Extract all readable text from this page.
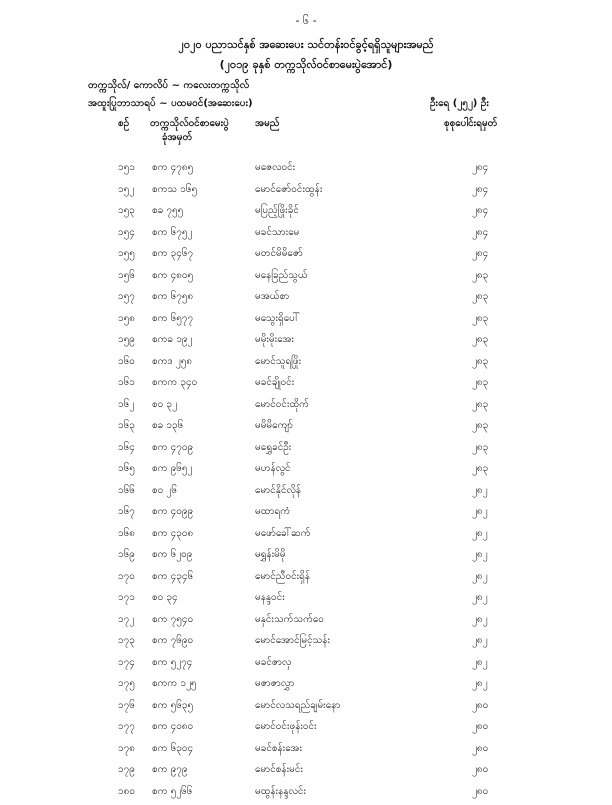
- ၆ -
၂၀၂၀ ပညာသင်နှစ် အဆေးပေး သင်တန်းဝင်ခွင့်ရရှိသူများအမည်
(၂၀၁၉ ခုနှစ် တက္ကသိုလ်ဝင်စာမေးပွဲအောင်)
တက္ကသိုလ်/ ကောလိပ် ~ ကလေးတက္ကသိုလ်
အထူးပြုဘာသာရပ် ~ ပထမဝင်(အဆေးပေး)	ဦးရေ (၂၅၂) ဦး
စဉ် တက္ကသိုလ်ဝင်စာမေးပွဲ
ခုံအမှတ်
အမည်	စုစုပေါင်းရမှတ်
၁၅၁ စက ၄၇၈၅	မဇေလဝင်း	၂၈၄
၁၅၂ စကသ ၁၆၅	မောင်ဇော်ဝင်းထွန်း	၂၈၄
၁၅၃ စခ ၇၅၅	မပြည့်ဖြိုးခိုင်	၂၈၄
၁၅၄ စက ၆၇၅၂	မခင်သားမေ	၂၈၄
၁၅၅ စက ၃၄၆၇	မတင်မိမိဇော်	၂၈၄
၁၅၆ စက ၄၈၀၅	မနေခြည်သွယ်	၂၈၃
၁၅၇ စက ၆၇၅၈	မအယ်စာ	၂၈၃
၁၅၈ စက ၆၅၇၇	မသွေးရှိပေါ်	၂၈၃
၁၅၉ စကခ ၁၉၂	မမိုးမိုးအေး	၂၈၃
၁၆၀ စကဒ ၂၅၈	မောင်သူရဖြိုး	၂၈၃
၁၆၁ စကက ၃၄၀	မခင်ချိုဝင်း	၂၈၃
၁၆၂ စဝ ၃၂	မောင်ဝင်းထိုက်	၂၈၃
၁၆၃ စခ ၁၃၆	မမိမိကျော်	၂၈၃
၁၆၄ စက ၄၇၀၉	မရွှေခင်ဦး	၂၈၃
၁၆၅ စက ၉၆၅၂	မဟန်လွင်	၂၈၃
၁၆၆ စဝ ၂၆	မောင်နိုင်လိုန်	၂၈၂
၁၆၇ စက ၄၀၉၉	မထာရကံ	၂၈၂
၁၆၈ စက ၄၃၀၈	မဖော်ခေါ်ဆက်	၂၈၂
၁၆၉ စက ၆၂၀၉	မရွှန်းမိမို	၂၈၂
၁၇၀ စက ၄၃၄၆	မောင်ညီဝင်းရှိန်	၂၈၂
၁၇၁ စဝ ၃၄	မနန္ဒဝင်း	၂၈၂
၁၇၂ စက ၇၅၄၀	မနှင်းသက်သက်ဝေ	၂၈၂
၁၇၃ စက ၇၆၉၀	မောင်အောင်မြင့်သန်း	၂၈၂
၁၇၄ စက ၅၂၇၄	မခင်ဇာလှ	၂၈၂
၁၇၅ စကက ၁၂၅	မဇာဇာလွှာ	၂၈၂
၁၇၆ စက ၅၆၃၅	မောင်လသရည်ချမ်းနော	၂၈၀
၁၇၇ စက ၄၀၈၀	မောင်ဝင်းဖုန်းဝင်း	၂၈၀
၁၇၈ စက ၆၃၀၄	မခင်စန်းအေး	၂၈၀
၁၇၉ စက ၉၇၉	မောင်စန်းမင်း	၂၈၀
၁၈၀ စက ၅၂၆၆	မထွန်းနန္ဒလင်း	၂၈၀
